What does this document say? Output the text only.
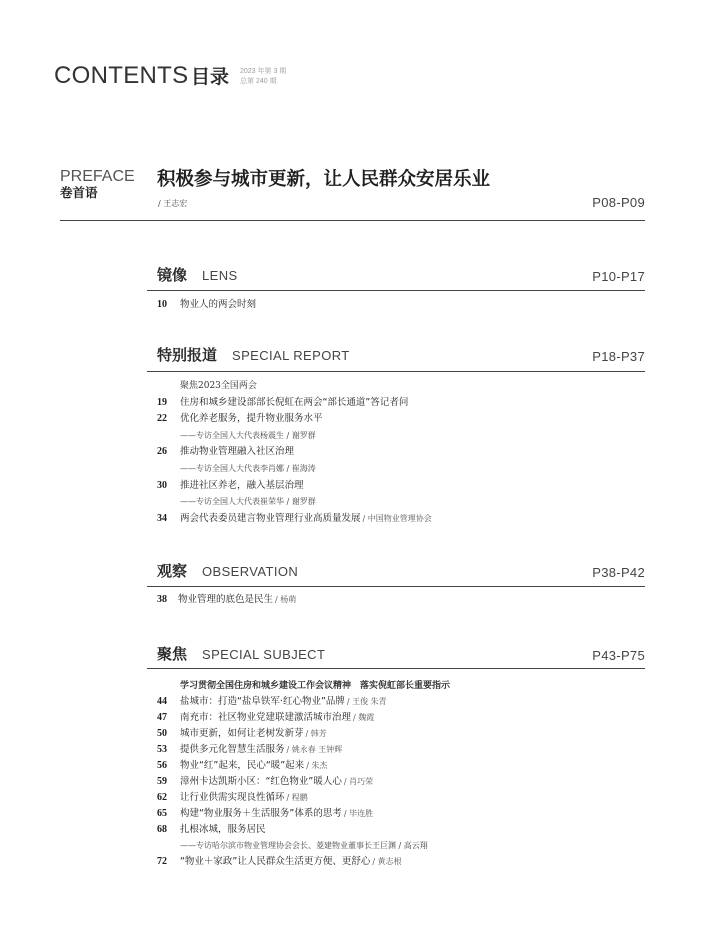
CONTENTS 目录 2023 年第 3 期
总第 240 期
PREFACE
卷首语
积极参与城市更新，让人民群众安居乐业
/ 王志宏	P08-P09
镜像 LENS	P10-P17
10 物业人的两会时刻
特别报道 SPECIAL REPORT	P18-P37
聚焦2023全国两会
19 住房和城乡建设部部长倪虹在两会“部长通道”答记者问
22 优化养老服务，提升物业服务水平
——专访全国人大代表杨震生 / 谢罗群
26 推动物业管理融入社区治理
——专访全国人大代表李肖娜 / 崔海涛
30 推进社区养老，融入基层治理
——专访全国人大代表崔荣华 / 谢罗群
34 两会代表委员建言物业管理行业高质量发展 / 中国物业管理协会
观察 OBSERVATION	P38-P42
38 物业管理的底色是民生 / 杨萌
聚焦 SPECIAL SUBJECT	P43-P75
学习贯彻全国住房和城乡建设工作会议精神　落实倪虹部长重要指示
44 盐城市：打造“盐阜铁军·红心物业”品牌 / 王俊 朱青
47 南充市：社区物业党建联建激活城市治理 / 魏霞
50 城市更新，如何让老树发新芽 / 韩芳
53 提供多元化智慧生活服务 / 姚永春 王钟辉
56 物业“红”起来，民心“暖”起来 / 朱杰
59 漳州卡达凯斯小区：“红色物业”暖人心 / 肖巧荣
62 让行业供需实现良性循环 / 程鹏
65 构建“物业服务＋生活服务”体系的思考 / 毕连胜
68 扎根冰城，服务居民
——专访哈尔滨市物业管理协会会长、菱建物业董事长王巨渊 / 高云翔
72 “物业＋家政”让人民群众生活更方便、更舒心 / 黄志根
